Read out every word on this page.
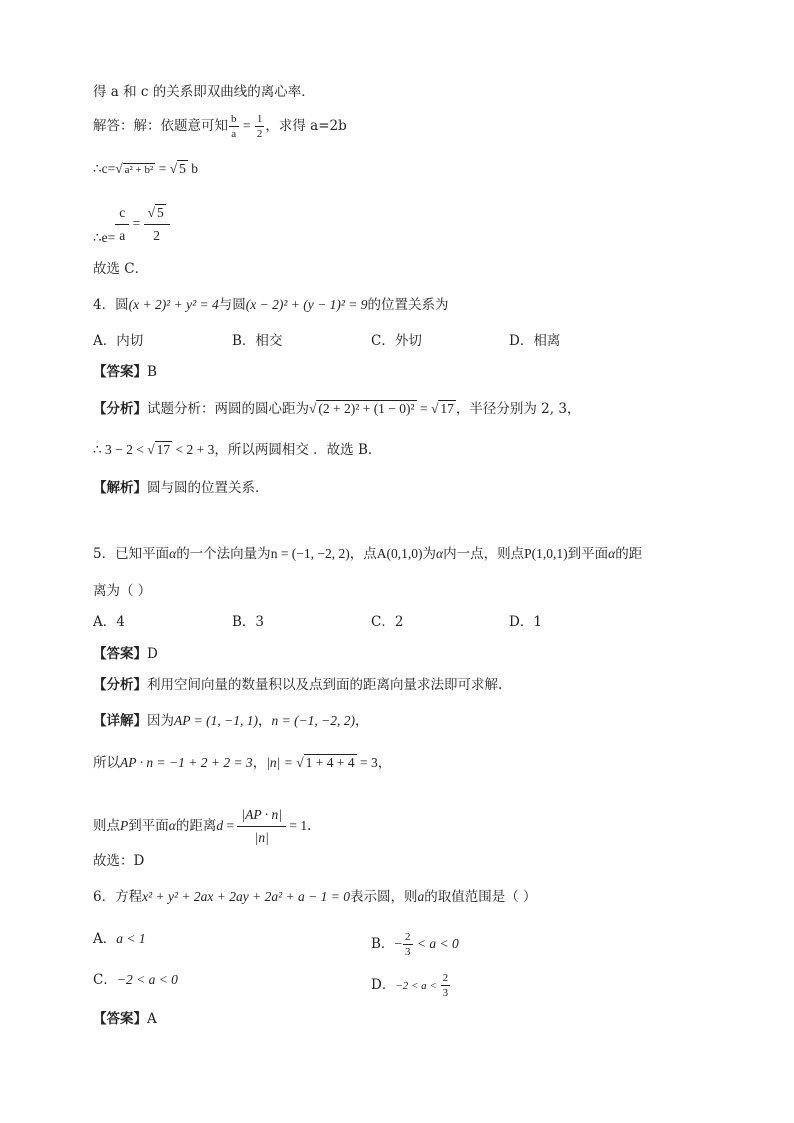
得 a 和 c 的关系即双曲线的离心率．
解答：解：依题意可知 $\frac{b}{a} = \frac{1}{2}$ ，求得 a=2b
∴c=√ a² + b² = √ 5 b
∴e= $\frac{c}{a} = \frac{√ 5}{2}$
故选 C．
4．圆(x + 2)² + y² = 4与圆(x − 2)² + (y − 1)² = 9的位置关系为
A．内切	B．相交	C．外切	D．相离
【答案】B
【分析】试题分析：两圆的圆心距为√ (2 + 2)² + (1 − 0)² = √ 17 ，半径分别为 2, 3，
∴ 3 − 2 < √ 17 < 2 + 3，所以两圆相交 ．故选 B．
【解析】圆与圆的位置关系．
5．已知平面α的一个法向量为n = (−1, −2, 2)，点A(0,1,0)为α内一点，则点P(1,0,1)到平面α的距
离为（ ）
A．4	B．3	C．2	D．1
【答案】D
【分析】利用空间向量的数量积以及点到面的距离向量求法即可求解.
【详解】因为AP = (1, −1, 1)，n = (−1, −2, 2)，
所以AP · n = −1 + 2 + 2 = 3，|n| = √ 1 + 4 + 4 = 3，
则点P到平面α的距离$d = \frac{|AP \cdot n|}{|n|} = 1$.
故选：D
6．方程x² + y² + 2ax + 2ay + 2a² + a − 1 = 0表示圆，则a的取值范围是（ ）
A．a < 1	B．− $\frac{2}{3} < a < 0$
C．−2 < a < 0	D．$-2 < a < \frac{2}{3}$
【答案】A
